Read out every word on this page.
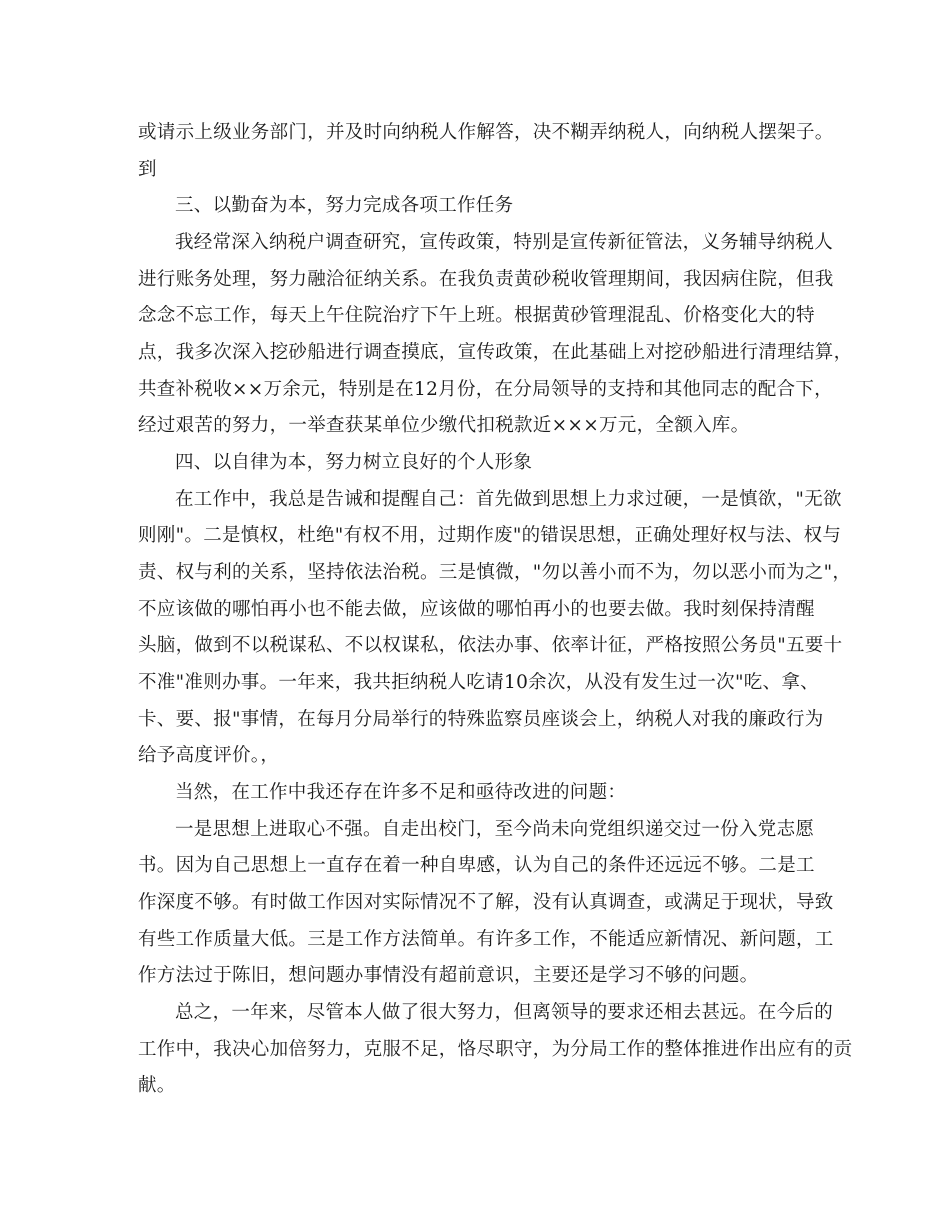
或请示上级业务部门，并及时向纳税人作解答，决不糊弄纳税人，向纳税人摆架子。

到

三、以勤奋为本，努力完成各项工作任务

我经常深入纳税户调查研究，宣传政策，特别是宣传新征管法，义务辅导纳税人

进行账务处理，努力融洽征纳关系。在我负责黄砂税收管理期间，我因病住院，但我

念念不忘工作，每天上午住院治疗下午上班。根据黄砂管理混乱、价格变化大的特

点，我多次深入挖砂船进行调查摸底，宣传政策，在此基础上对挖砂船进行清理结算，

共查补税收××万余元，特别是在12月份，在分局领导的支持和其他同志的配合下，

经过艰苦的努力，一举查获某单位少缴代扣税款近×××万元，全额入库。

四、以自律为本，努力树立良好的个人形象

在工作中，我总是告诫和提醒自己：首先做到思想上力求过硬，一是慎欲，"无欲

则刚"。二是慎权，杜绝"有权不用，过期作废"的错误思想，正确处理好权与法、权与

责、权与利的关系，坚持依法治税。三是慎微，"勿以善小而不为，勿以恶小而为之"，

不应该做的哪怕再小也不能去做，应该做的哪怕再小的也要去做。我时刻保持清醒

头脑，做到不以税谋私、不以权谋私，依法办事、依率计征，严格按照公务员"五要十

不准"准则办事。一年来，我共拒纳税人吃请10余次，从没有发生过一次"吃、拿、

卡、要、报"事情，在每月分局举行的特殊监察员座谈会上，纳税人对我的廉政行为

给予高度评价。，

当然，在工作中我还存在许多不足和亟待改进的问题：

一是思想上进取心不强。自走出校门，至今尚未向党组织递交过一份入党志愿

书。因为自己思想上一直存在着一种自卑感，认为自己的条件还远远不够。二是工

作深度不够。有时做工作因对实际情况不了解，没有认真调查，或满足于现状，导致

有些工作质量大低。三是工作方法简单。有许多工作，不能适应新情况、新问题，工

作方法过于陈旧，想问题办事情没有超前意识，主要还是学习不够的问题。

总之，一年来，尽管本人做了很大努力，但离领导的要求还相去甚远。在今后的

工作中，我决心加倍努力，克服不足，恪尽职守，为分局工作的整体推进作出应有的贡

献。
